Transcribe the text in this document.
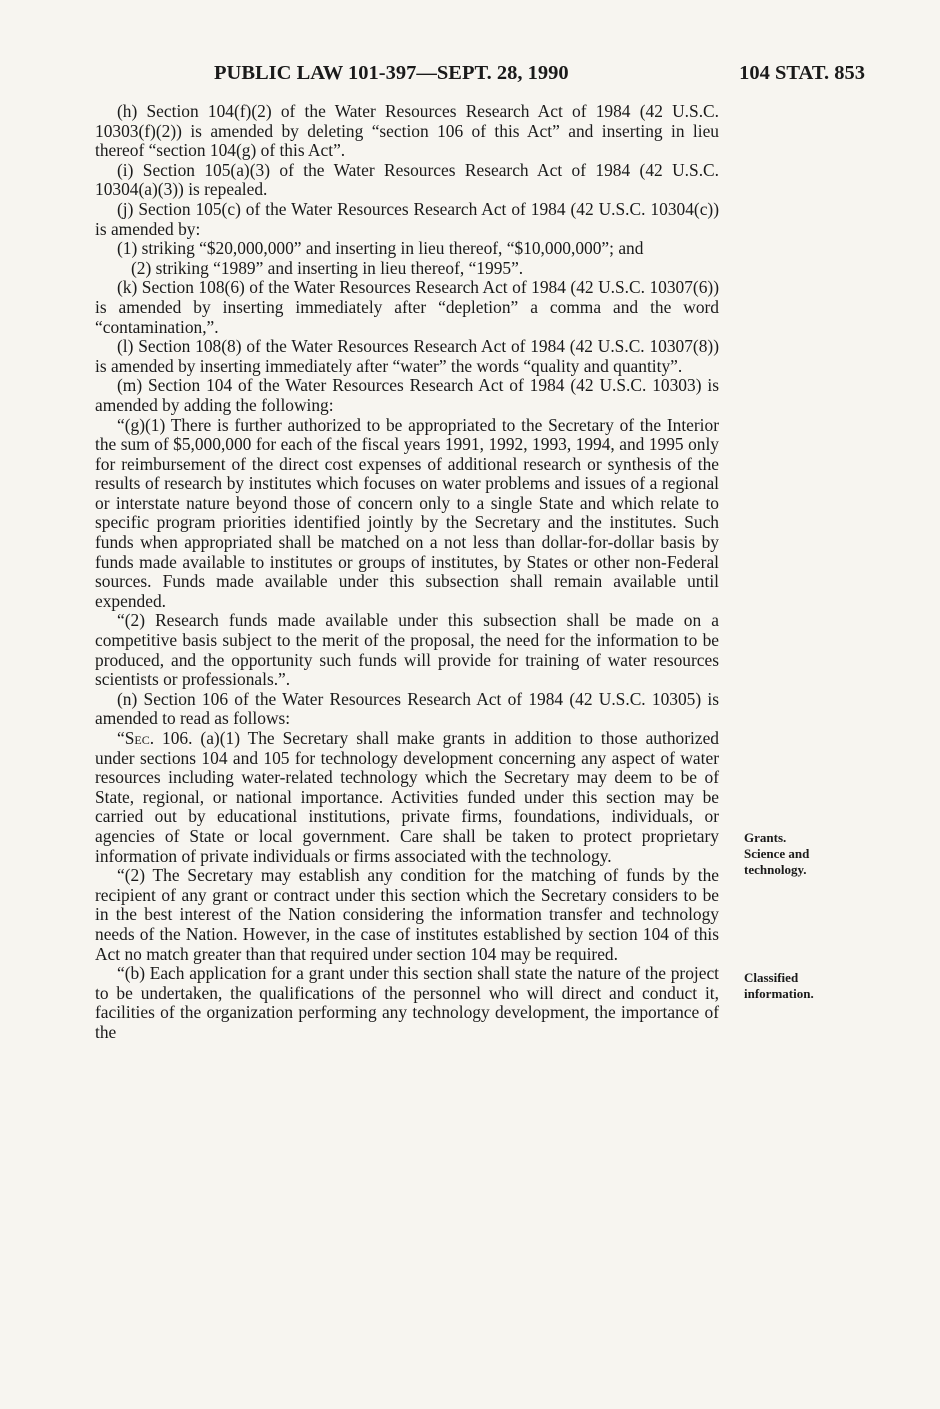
PUBLIC LAW 101-397—SEPT. 28, 1990	104 STAT. 853

(h) Section 104(f)(2) of the Water Resources Research Act of 1984 (42 U.S.C. 10303(f)(2)) is amended by deleting “section 106 of this Act” and inserting in lieu thereof “section 104(g) of this Act”.

(i) Section 105(a)(3) of the Water Resources Research Act of 1984 (42 U.S.C. 10304(a)(3)) is repealed.

(j) Section 105(c) of the Water Resources Research Act of 1984 (42 U.S.C. 10304(c)) is amended by:

(1) striking “$20,000,000” and inserting in lieu thereof, “$10,000,000”; and

(2) striking “1989” and inserting in lieu thereof, “1995”.

(k) Section 108(6) of the Water Resources Research Act of 1984 (42 U.S.C. 10307(6)) is amended by inserting immediately after “depletion” a comma and the word “contamination,”.

(l) Section 108(8) of the Water Resources Research Act of 1984 (42 U.S.C. 10307(8)) is amended by inserting immediately after “water” the words “quality and quantity”.

(m) Section 104 of the Water Resources Research Act of 1984 (42 U.S.C. 10303) is amended by adding the following:

“(g)(1) There is further authorized to be appropriated to the Secretary of the Interior the sum of $5,000,000 for each of the fiscal years 1991, 1992, 1993, 1994, and 1995 only for reimbursement of the direct cost expenses of additional research or synthesis of the results of research by institutes which focuses on water problems and issues of a regional or interstate nature beyond those of concern only to a single State and which relate to specific program priorities identified jointly by the Secretary and the institutes. Such funds when appropriated shall be matched on a not less than dollar-for-dollar basis by funds made available to institutes or groups of institutes, by States or other non-Federal sources. Funds made available under this subsection shall remain available until expended.

“(2) Research funds made available under this subsection shall be made on a competitive basis subject to the merit of the proposal, the need for the information to be produced, and the opportunity such funds will provide for training of water resources scientists or professionals.”.

(n) Section 106 of the Water Resources Research Act of 1984 (42 U.S.C. 10305) is amended to read as follows:

“Sec. 106. (a)(1) The Secretary shall make grants in addition to those authorized under sections 104 and 105 for technology development concerning any aspect of water resources including water-related technology which the Secretary may deem to be of State, regional, or national importance. Activities funded under this section may be carried out by educational institutions, private firms, foundations, individuals, or agencies of State or local government. Care shall be taken to protect proprietary information of private individuals or firms associated with the technology.

“(2) The Secretary may establish any condition for the matching of funds by the recipient of any grant or contract under this section which the Secretary considers to be in the best interest of the Nation considering the information transfer and technology needs of the Nation. However, in the case of institutes established by section 104 of this Act no match greater than that required under section 104 may be required.

“(b) Each application for a grant under this section shall state the nature of the project to be undertaken, the qualifications of the personnel who will direct and conduct it, facilities of the organization performing any technology development, the importance of the

Grants.
Science and technology.
Classified information.
